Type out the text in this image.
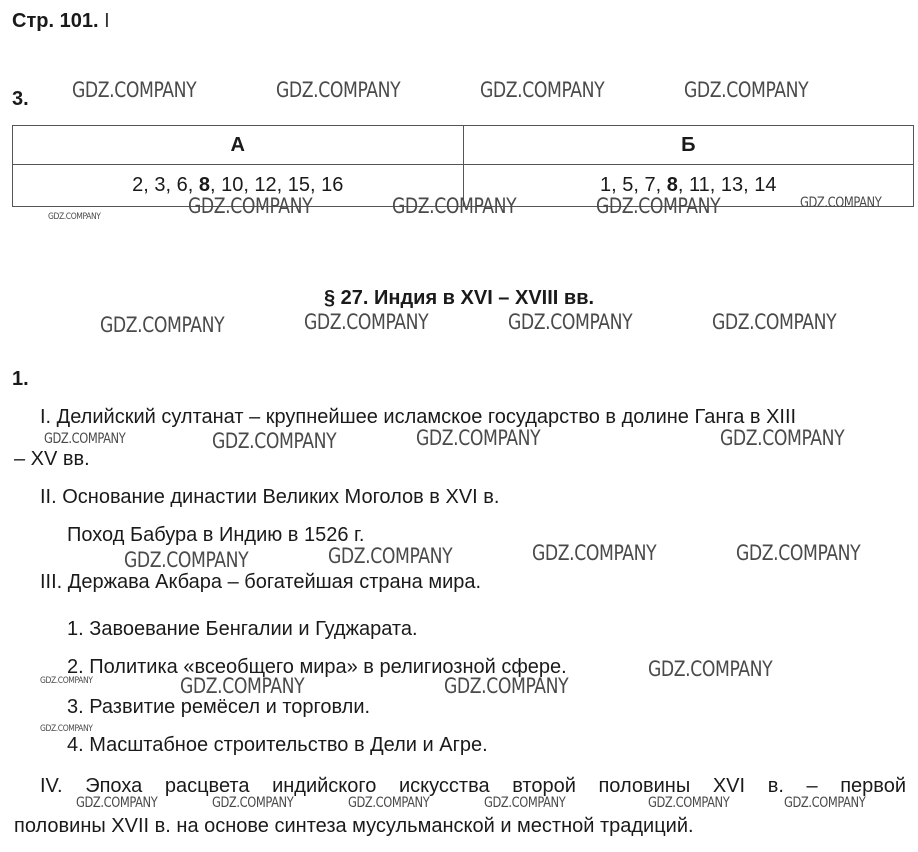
Стр. 101. I
3.
А	Б
2, 3, 6, 8, 10, 12, 15, 16	1, 5, 7, 8, 11, 13, 14
§ 27. Индия в XVI – XVIII вв.
1.
I. Делийский султанат – крупнейшее исламское государство в долине Ганга в XIII
– XV вв.
II. Основание династии Великих Моголов в XVI в.
Поход Бабура в Индию в 1526 г.
III. Держава Акбара – богатейшая страна мира.
1. Завоевание Бенгалии и Гуджарата.
2. Политика «всеобщего мира» в религиозной сфере.
3. Развитие ремёсел и торговли.
4. Масштабное строительство в Дели и Агре.
IV. Эпоха расцвета индийского искусства второй половины XVI в. – первой
половины XVII в. на основе синтеза мусульманской и местной традиций.
GDZ.COMPANY	GDZ.COMPANY	GDZ.COMPANY	GDZ.COMPANY
GDZ.COMPANY	GDZ.COMPANY	GDZ.COMPANY	GDZ.COMPANY	GDZ.COMPANY
GDZ.COMPANY	GDZ.COMPANY	GDZ.COMPANY	GDZ.COMPANY
GDZ.COMPANY	GDZ.COMPANY	GDZ.COMPANY	GDZ.COMPANY
GDZ.COMPANY	GDZ.COMPANY	GDZ.COMPANY	GDZ.COMPANY
GDZ.COMPANY
GDZ.COMPANY	GDZ.COMPANY	GDZ.COMPANY
GDZ.COMPANY
GDZ.COMPANY	GDZ.COMPANY	GDZ.COMPANY	GDZ.COMPANY	GDZ.COMPANY	GDZ.COMPANY
